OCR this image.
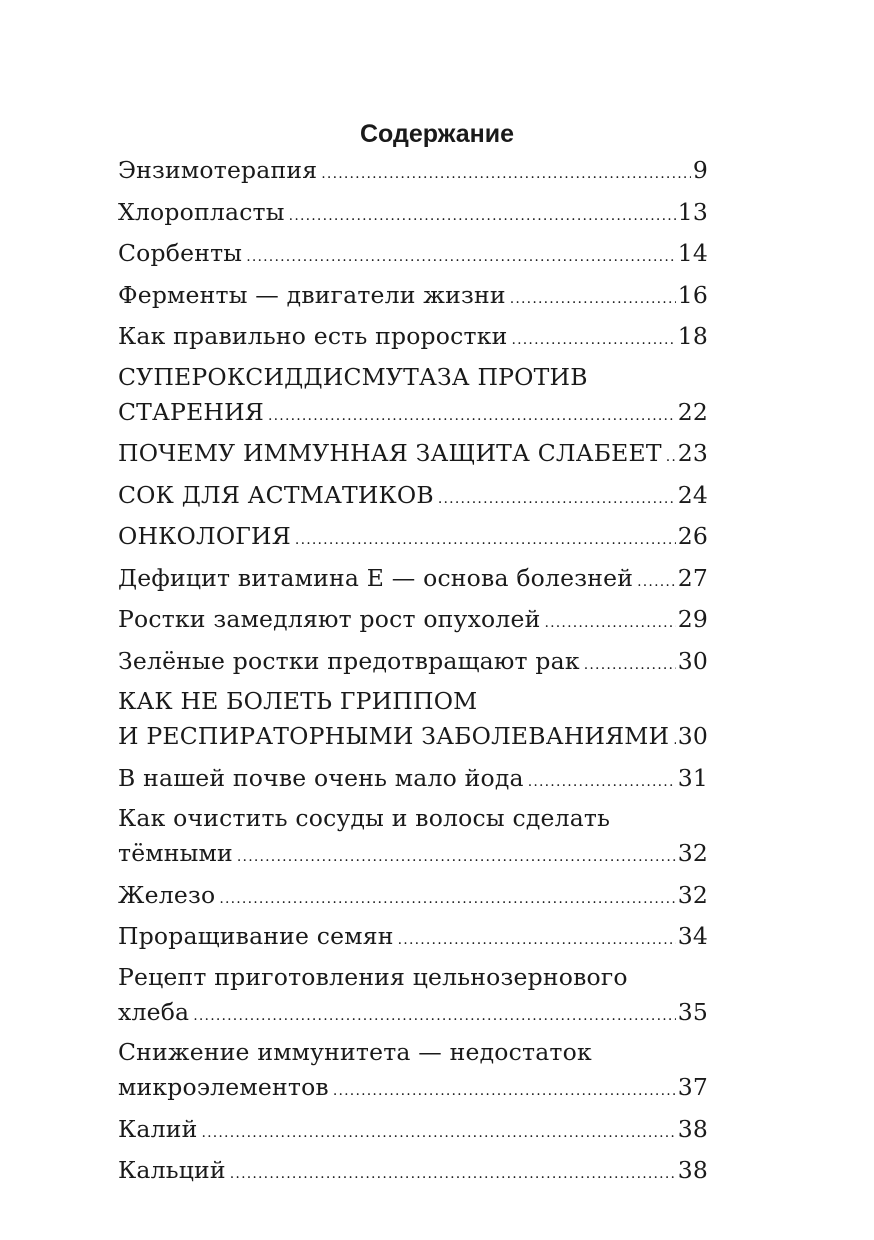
Содержание
Энзимотерапия .....	9
Хлоропласты .....	13
Сорбенты .....	14
Ферменты — двигатели жизни .....	16
Как правильно есть проростки .....	18
СУПЕРОКСИДДИСМУТАЗА ПРОТИВ
СТАРЕНИЯ .....	22
ПОЧЕМУ ИММУННАЯ ЗАЩИТА СЛАБЕЕТ ..... 23
СОК ДЛЯ АСТМАТИКОВ .....	24
ОНКОЛОГИЯ .....	26
Дефицит витамина Е — основа болезней ..... 27
Ростки замедляют рост опухолей .....	29
Зелёные ростки предотвращают рак .....	30
КАК НЕ БОЛЕТЬ ГРИППОМ
И РЕСПИРАТОРНЫМИ ЗАБОЛЕВАНИЯМИ ..... 30
В нашей почве очень мало йода .....	31
Как очистить сосуды и волосы сделать
тёмными .....	32
Железо .....	32
Проращивание семян .....	34
Рецепт приготовления цельнозернового
хлеба .....	35
Снижение иммунитета — недостаток
микроэлементов .....	37
Калий .....	38
Кальций .....	38
